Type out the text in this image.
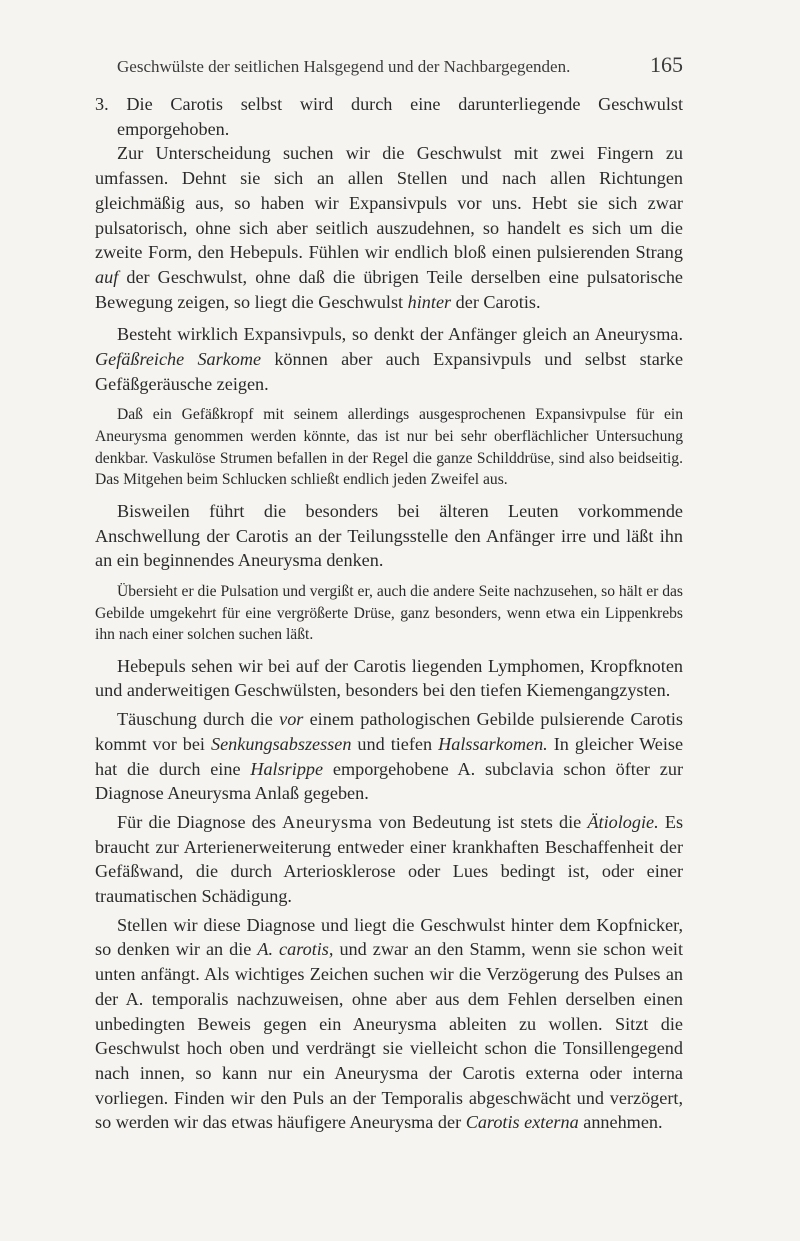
Geschwülste der seitlichen Halsgegend und der Nachbargegenden.	165

3. Die Carotis selbst wird durch eine darunterliegende Geschwulst emporgehoben.

Zur Unterscheidung suchen wir die Geschwulst mit zwei Fingern zu umfassen. Dehnt sie sich an allen Stellen und nach allen Richtungen gleichmäßig aus, so haben wir Expansivpuls vor uns. Hebt sie sich zwar pulsatorisch, ohne sich aber seitlich auszudehnen, so handelt es sich um die zweite Form, den Hebepuls. Fühlen wir endlich bloß einen pulsierenden Strang auf der Geschwulst, ohne daß die übrigen Teile derselben eine pulsatorische Bewegung zeigen, so liegt die Geschwulst hinter der Carotis.

Besteht wirklich Expansivpuls, so denkt der Anfänger gleich an Aneurysma. Gefäßreiche Sarkome können aber auch Expansivpuls und selbst starke Gefäßgeräusche zeigen.

Daß ein Gefäßkropf mit seinem allerdings ausgesprochenen Expansivpulse für ein Aneurysma genommen werden könnte, das ist nur bei sehr oberflächlicher Untersuchung denkbar. Vaskulöse Strumen befallen in der Regel die ganze Schilddrüse, sind also beidseitig. Das Mitgehen beim Schlucken schließt endlich jeden Zweifel aus.

Bisweilen führt die besonders bei älteren Leuten vorkommende Anschwellung der Carotis an der Teilungsstelle den Anfänger irre und läßt ihn an ein beginnendes Aneurysma denken.

Übersieht er die Pulsation und vergißt er, auch die andere Seite nachzusehen, so hält er das Gebilde umgekehrt für eine vergrößerte Drüse, ganz besonders, wenn etwa ein Lippenkrebs ihn nach einer solchen suchen läßt.

Hebepuls sehen wir bei auf der Carotis liegenden Lymphomen, Kropfknoten und anderweitigen Geschwülsten, besonders bei den tiefen Kiemengangzysten.

Täuschung durch die vor einem pathologischen Gebilde pulsierende Carotis kommt vor bei Senkungsabszessen und tiefen Halssarkomen. In gleicher Weise hat die durch eine Halsrippe emporgehobene A. subclavia schon öfter zur Diagnose Aneurysma Anlaß gegeben.

Für die Diagnose des Aneurysma von Bedeutung ist stets die Ätiologie. Es braucht zur Arterienerweiterung entweder einer krankhaften Beschaffenheit der Gefäßwand, die durch Arteriosklerose oder Lues bedingt ist, oder einer traumatischen Schädigung.

Stellen wir diese Diagnose und liegt die Geschwulst hinter dem Kopfnicker, so denken wir an die A. carotis, und zwar an den Stamm, wenn sie schon weit unten anfängt. Als wichtiges Zeichen suchen wir die Verzögerung des Pulses an der A. temporalis nachzuweisen, ohne aber aus dem Fehlen derselben einen unbedingten Beweis gegen ein Aneurysma ableiten zu wollen. Sitzt die Geschwulst hoch oben und verdrängt sie vielleicht schon die Tonsillengegend nach innen, so kann nur ein Aneurysma der Carotis externa oder interna vorliegen. Finden wir den Puls an der Temporalis abgeschwächt und verzögert, so werden wir das etwas häufigere Aneurysma der Carotis externa annehmen.
